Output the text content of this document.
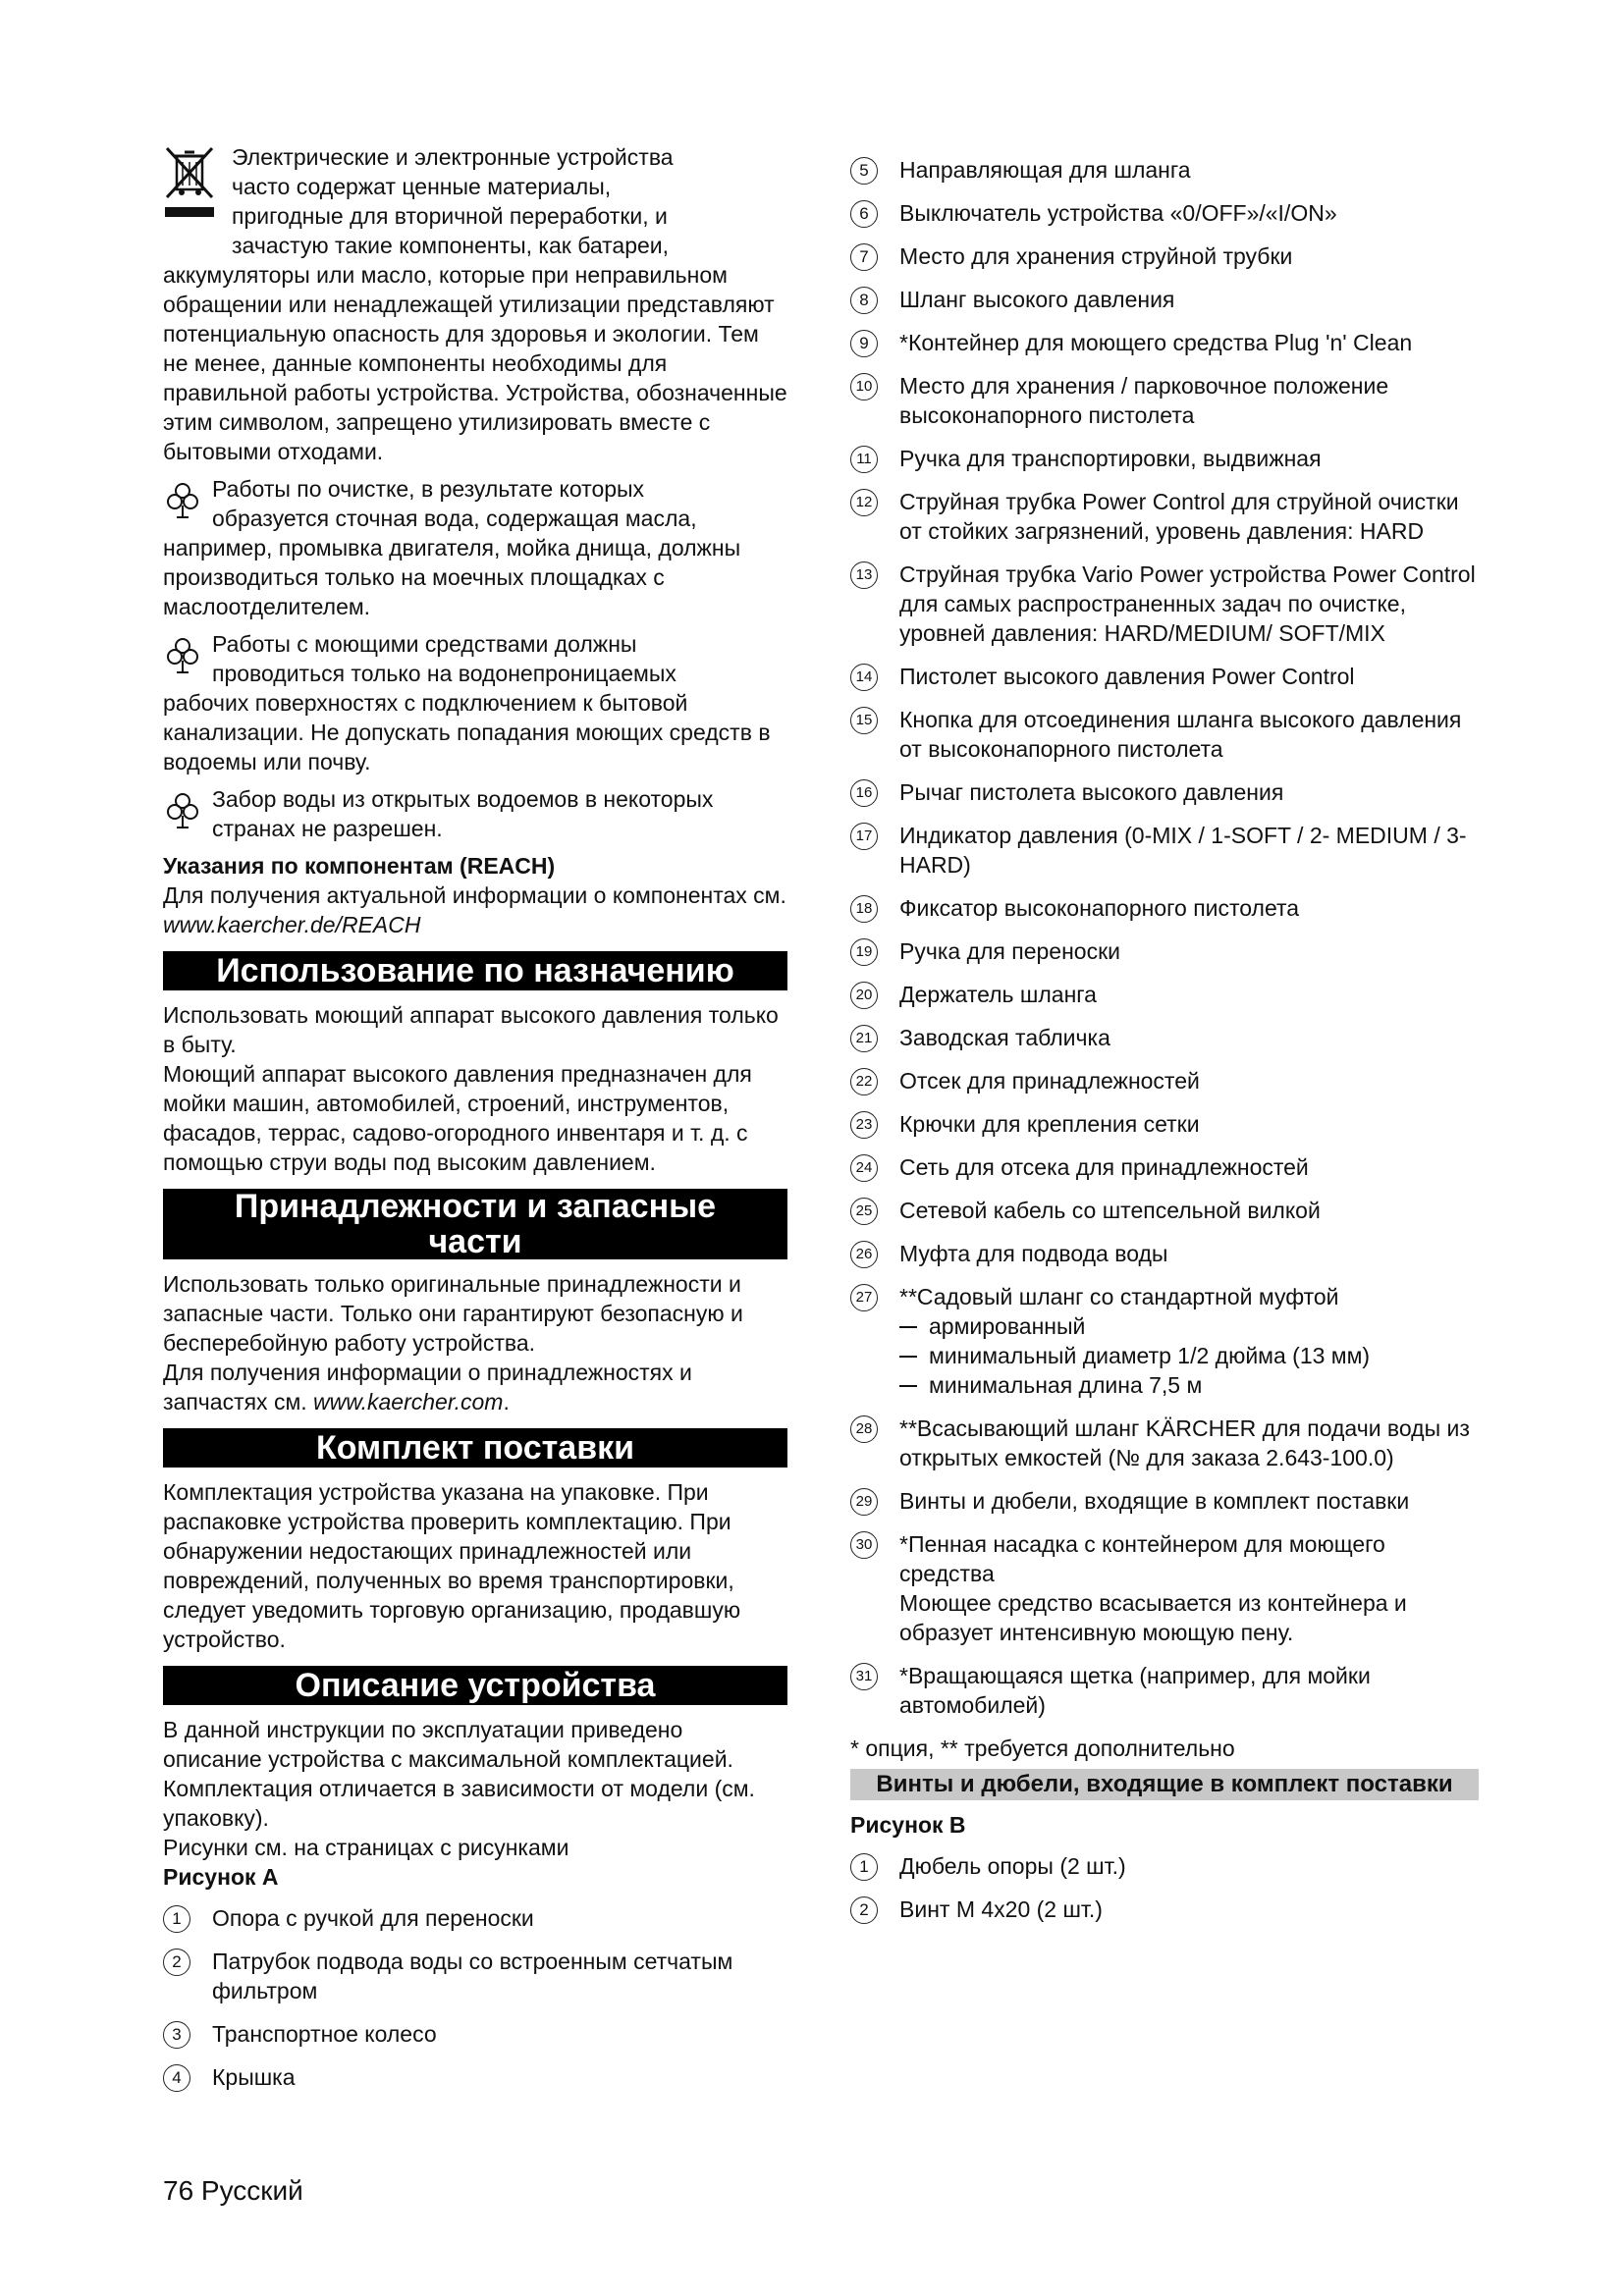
Электрические и электронные устройства

часто содержат ценные материалы,

пригодные для вторичной переработки, и

зачастую такие компоненты, как батареи,

аккумуляторы или масло, которые при неправильном обращении или ненадлежащей утилизации представляют потенциальную опасность для здоровья и экологии. Тем не менее, данные компоненты необходимы для правильной работы устройства. Устройства, обозначенные этим символом, запрещено утилизировать вместе с бытовыми отходами.

Работы по очистке, в результате которых

образуется сточная вода, содержащая масла,

например, промывка двигателя, мойка днища, должны производиться только на моечных площадках с маслоотделителем.

Работы с моющими средствами должны

проводиться только на водонепроницаемых

рабочих поверхностях с подключением к бытовой канализации. Не допускать попадания моющих средств в водоемы или почву.

Забор воды из открытых водоемов в некоторых

странах не разрешен.

Указания по компонентам (REACH)

Для получения актуальной информации о компонентах см. www.kaercher.de/REACH

Использование по назначению

Использовать моющий аппарат высокого давления только в быту.

Моющий аппарат высокого давления предназначен для мойки машин, автомобилей, строений, инструментов, фасадов, террас, садово-огородного инвентаря и т. д. с помощью струи воды под высоким давлением.

Принадлежности и запасные части

Использовать только оригинальные принадлежности и запасные части. Только они гарантируют безопасную и бесперебойную работу устройства.

Для получения информации о принадлежностях и запчастях см. www.kaercher.com.

Комплект поставки

Комплектация устройства указана на упаковке. При распаковке устройства проверить комплектацию. При обнаружении недостающих принадлежностей или повреждений, полученных во время транспортировки, следует уведомить торговую организацию, продавшую устройство.

Описание устройства

В данной инструкции по эксплуатации приведено описание устройства с максимальной комплектацией. Комплектация отличается в зависимости от модели (см. упаковку).

Рисунки см. на страницах с рисунками

Рисунок A

1	Опора с ручкой для переноски
2	Патрубок подвода воды со встроенным сетчатым фильтром
3	Транспортное колесо
4	Крышка
5	Направляющая для шланга
6	Выключатель устройства «0/OFF»/«I/ON»
7	Место для хранения струйной трубки
8	Шланг высокого давления
9	*Контейнер для моющего средства Plug 'n' Clean
10 Место для хранения / парковочное положение высоконапорного пистолета
11 Ручка для транспортировки, выдвижная
12 Струйная трубка Power Control для струйной очистки от стойких загрязнений, уровень давления: HARD
13 Струйная трубка Vario Power устройства Power Control для самых распространенных задач по очистке, уровней давления: HARD/MEDIUM/ SOFT/MIX
14 Пистолет высокого давления Power Control
15 Кнопка для отсоединения шланга высокого давления от высоконапорного пистолета
16 Рычаг пистолета высокого давления
17 Индикатор давления (0-MIX / 1-SOFT / 2- MEDIUM / 3-HARD)
18 Фиксатор высоконапорного пистолета
19 Ручка для переноски
20 Держатель шланга
21 Заводская табличка
22 Отсек для принадлежностей
23 Крючки для крепления сетки
24 Сеть для отсека для принадлежностей
25 Сетевой кабель со штепсельной вилкой
26 Муфта для подвода воды
27 **Садовый шланг со стандартной муфтой
армированный
минимальный диаметр 1/2 дюйма (13 мм)
минимальная длина 7,5 м
28 **Всасывающий шланг KÄRCHER для подачи воды из открытых емкостей (№ для заказа 2.643-100.0)
29 Винты и дюбели, входящие в комплект поставки
30 *Пенная насадка с контейнером для моющего средства
Моющее средство всасывается из контейнера и образует интенсивную моющую пену.
31 *Вращающаяся щетка (например, для мойки автомобилей)

* опция, ** требуется дополнительно

Винты и дюбели, входящие в комплект поставки

Рисунок B

1	Дюбель опоры (2 шт.)
2	Винт M 4x20 (2 шт.)
76 Русский
